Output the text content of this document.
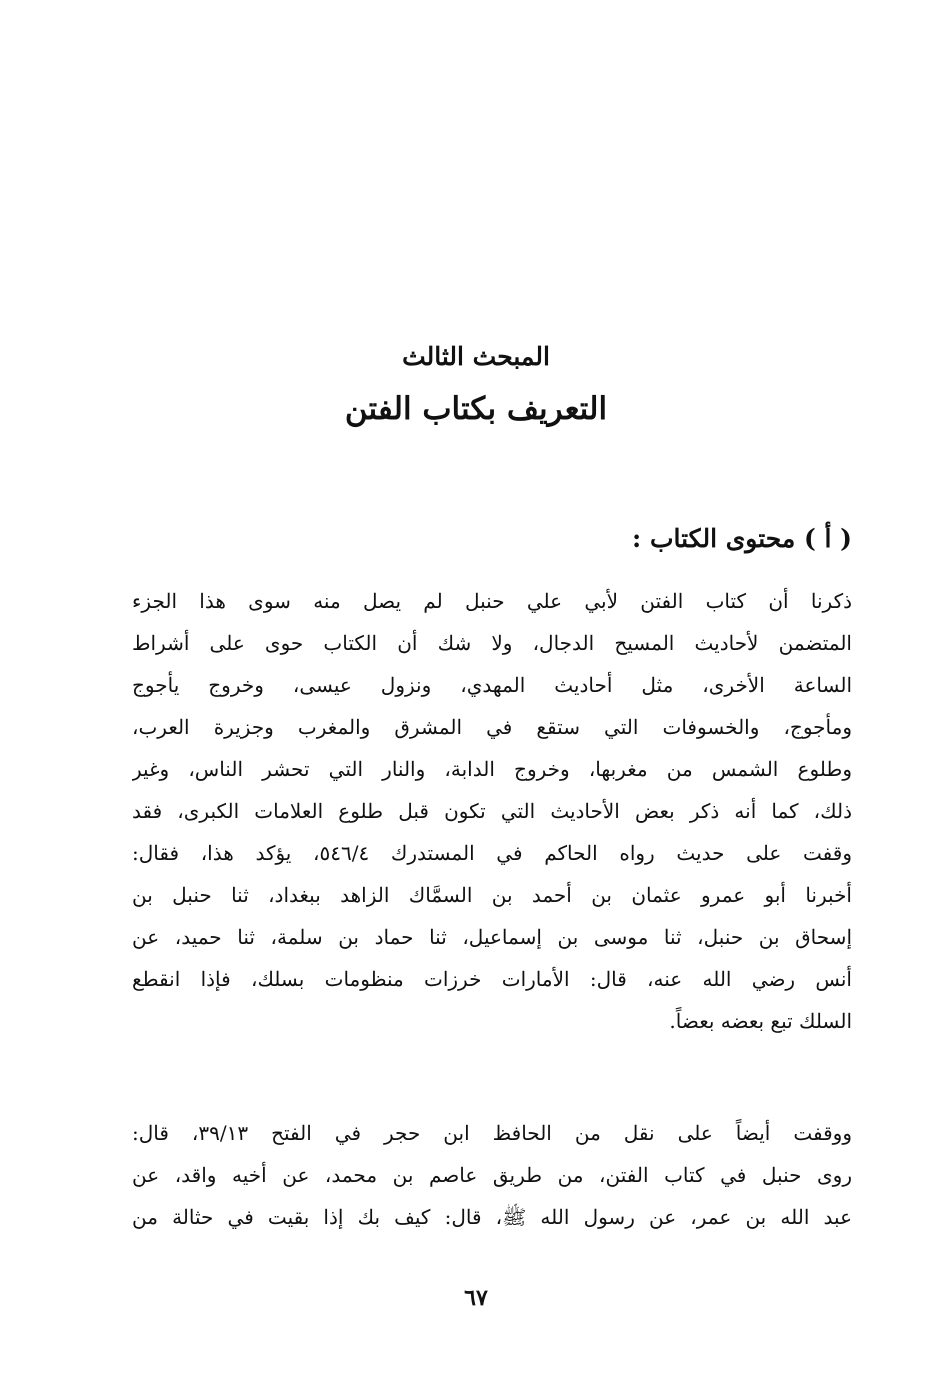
المبحث الثالث
التعريف بكتاب الفتن
( أ ) محتوى الكتاب :

ذكرنا أن كتاب الفتن لأبي علي حنبل لم يصل منه سوى هذا الجزء
المتضمن لأحاديث المسيح الدجال، ولا شك أن الكتاب حوى على أشراط
الساعة الأخرى، مثل أحاديث المهدي، ونزول عيسى، وخروج يأجوج
ومأجوج، والخسوفات التي ستقع في المشرق والمغرب وجزيرة العرب،
وطلوع الشمس من مغربها، وخروج الدابة، والنار التي تحشر الناس، وغير
ذلك، كما أنه ذكر بعض الأحاديث التي تكون قبل طلوع العلامات الكبرى، فقد
وقفت على حديث رواه الحاكم في المستدرك ٥٤٦/٤، يؤكد هذا، فقال:
أخبرنا أبو عمرو عثمان بن أحمد بن السمَّاك الزاهد ببغداد، ثنا حنبل بن
إسحاق بن حنبل، ثنا موسى بن إسماعيل، ثنا حماد بن سلمة، ثنا حميد، عن
أنس رضي الله عنه، قال: الأمارات خرزات منظومات بسلك، فإذا انقطع
السلك تبع بعضه بعضاً.

ووقفت أيضاً على نقل من الحافظ ابن حجر في الفتح ٣٩/١٣، قال:
روى حنبل في كتاب الفتن، من طريق عاصم بن محمد، عن أخيه واقد، عن
عبد الله بن عمر، عن رسول الله ﷺ، قال: كيف بك إذا بقيت في حثالة من

٦٧
